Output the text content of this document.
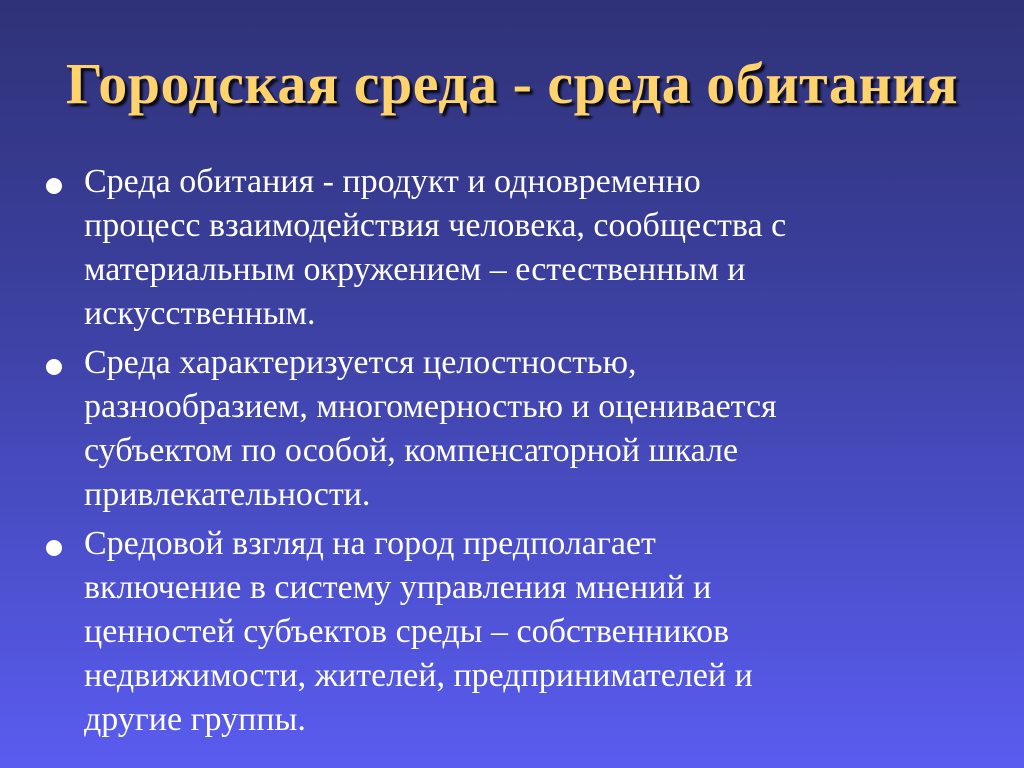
Городская среда - среда обитания
Среда обитания - продукт и одновременно
процесс взаимодействия человека, сообщества с
материальным окружением – естественным и
искусственным.
Среда характеризуется целостностью,
разнообразием, многомерностью и оценивается
субъектом по особой, компенсаторной шкале
привлекательности.
Средовой взгляд на город предполагает
включение в систему управления мнений и
ценностей субъектов среды – собственников
недвижимости, жителей, предпринимателей и
другие группы.
